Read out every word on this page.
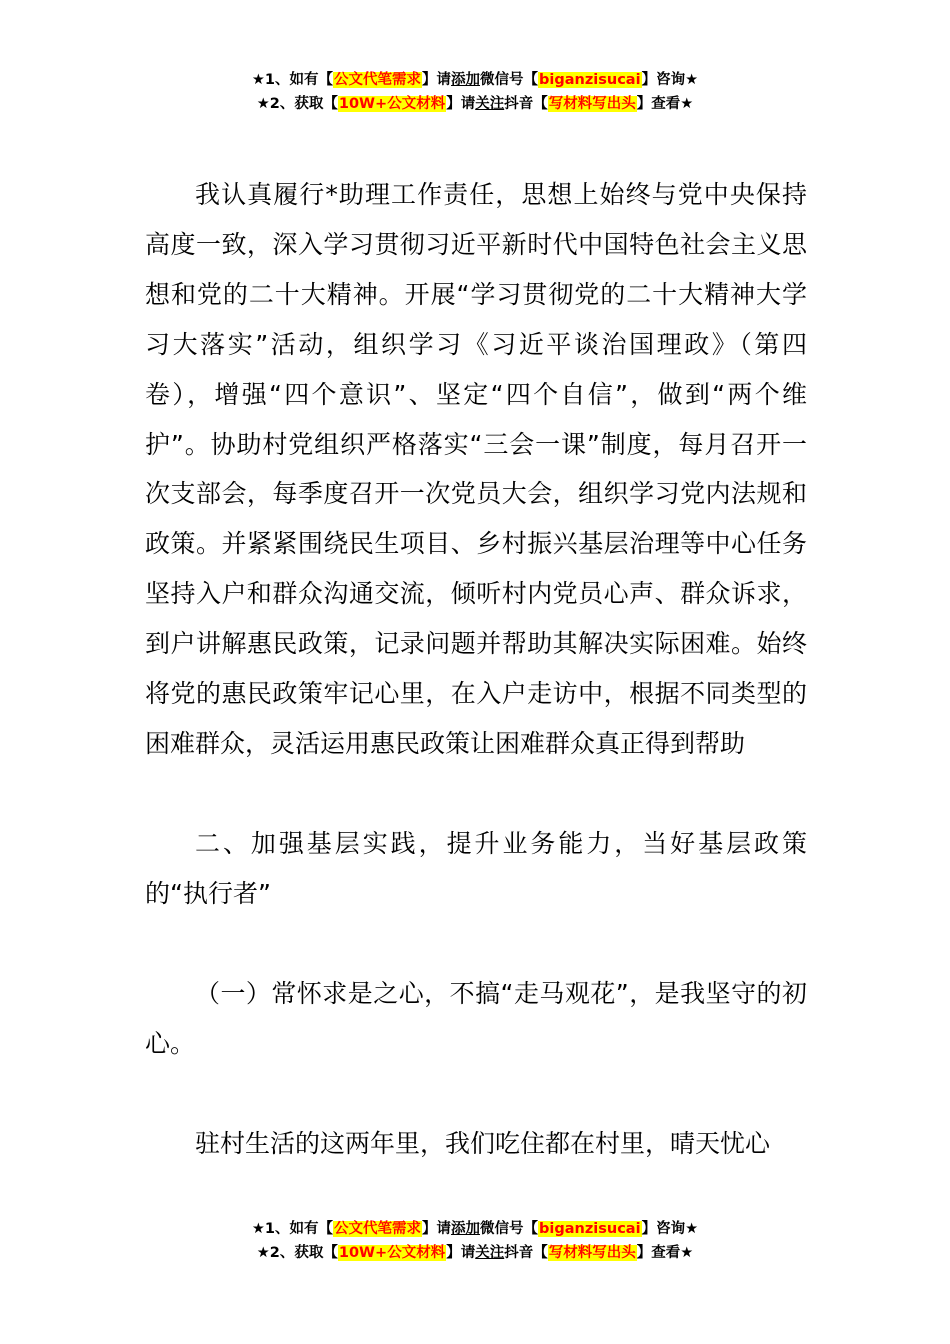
★1、如有【公文代笔需求】请添加微信号【biganzisucai】咨询★
★2、获取【10W+公文材料】请关注抖音【写材料写出头】查看★

我认真履行*助理工作责任，思想上始终与党中央保持高度一致，深入学习贯彻习近平新时代中国特色社会主义思想和党的二十大精神。开展“学习贯彻党的二十大精神大学习大落实”活动，组织学习《习近平谈治国理政》（第四卷），增强“四个意识”、坚定“四个自信”，做到“两个维护”。协助村党组织严格落实“三会一课”制度，每月召开一次支部会，每季度召开一次党员大会，组织学习党内法规和政策。并紧紧围绕民生项目、乡村振兴基层治理等中心任务坚持入户和群众沟通交流，倾听村内党员心声、群众诉求，到户讲解惠民政策，记录问题并帮助其解决实际困难。始终将党的惠民政策牢记心里，在入户走访中，根据不同类型的困难群众，灵活运用惠民政策让困难群众真正得到帮助

二、加强基层实践，提升业务能力，当好基层政策的“执行者”

（一）常怀求是之心，不搞“走马观花”，是我坚守的初心。

驻村生活的这两年里，我们吃住都在村里，晴天忧心

★1、如有【公文代笔需求】请添加微信号【biganzisucai】咨询★
★2、获取【10W+公文材料】请关注抖音【写材料写出头】查看★
